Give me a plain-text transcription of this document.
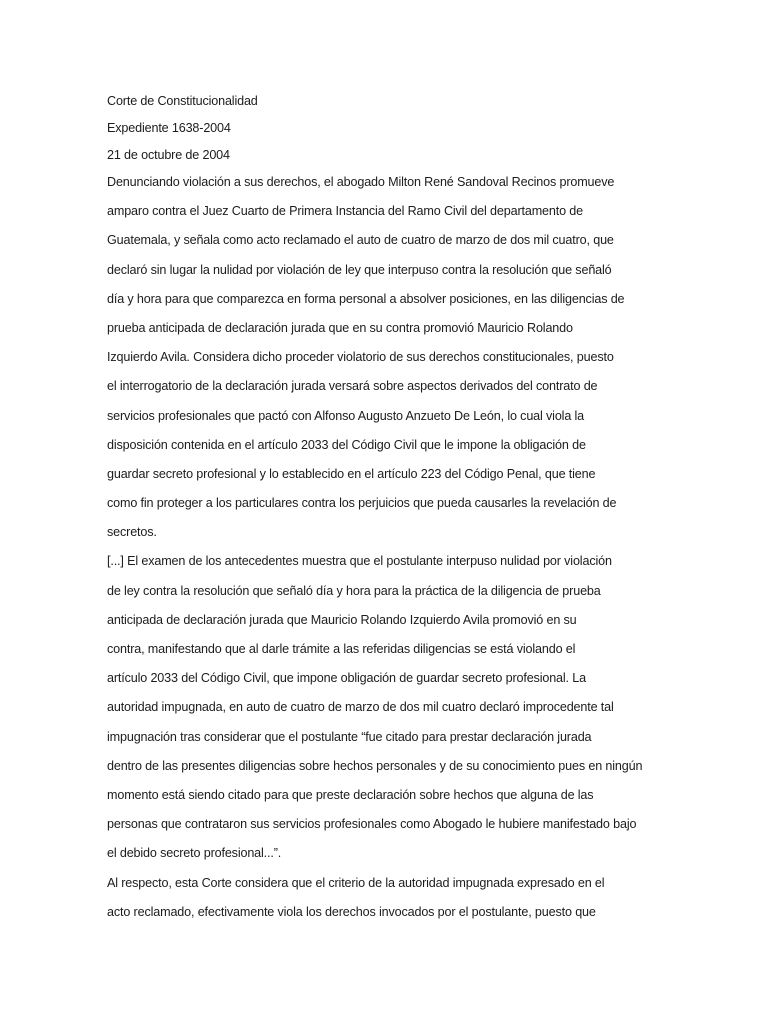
Corte de Constitucionalidad
Expediente 1638-2004
21 de octubre de 2004
Denunciando violación a sus derechos, el abogado Milton René Sandoval Recinos promueve
amparo contra el Juez Cuarto de Primera Instancia del Ramo Civil del departamento de
Guatemala, y señala como acto reclamado el auto de cuatro de marzo de dos mil cuatro, que
declaró sin lugar la nulidad por violación de ley que interpuso contra la resolución que señaló
día y hora para que comparezca en forma personal a absolver posiciones, en las diligencias de
prueba anticipada de declaración jurada que en su contra promovió Mauricio Rolando
Izquierdo Avila. Considera dicho proceder violatorio de sus derechos constitucionales, puesto
el interrogatorio de la declaración jurada versará sobre aspectos derivados del contrato de
servicios profesionales que pactó con Alfonso Augusto Anzueto De León, lo cual viola la
disposición contenida en el artículo 2033 del Código Civil que le impone la obligación de
guardar secreto profesional y lo establecido en el artículo 223 del Código Penal, que tiene
como fin proteger a los particulares contra los perjuicios que pueda causarles la revelación de
secretos.
[...] El examen de los antecedentes muestra que el postulante interpuso nulidad por violación
de ley contra la resolución que señaló día y hora para la práctica de la diligencia de prueba
anticipada de declaración jurada que Mauricio Rolando Izquierdo Avila promovió en su
contra, manifestando que al darle trámite a las referidas diligencias se está violando el
artículo 2033 del Código Civil, que impone obligación de guardar secreto profesional. La
autoridad impugnada, en auto de cuatro de marzo de dos mil cuatro declaró improcedente tal
impugnación tras considerar que el postulante “fue citado para prestar declaración jurada
dentro de las presentes diligencias sobre hechos personales y de su conocimiento pues en ningún
momento está siendo citado para que preste declaración sobre hechos que alguna de las
personas que contrataron sus servicios profesionales como Abogado le hubiere manifestado bajo
el debido secreto profesional...”.
Al respecto, esta Corte considera que el criterio de la autoridad impugnada expresado en el
acto reclamado, efectivamente viola los derechos invocados por el postulante, puesto que
